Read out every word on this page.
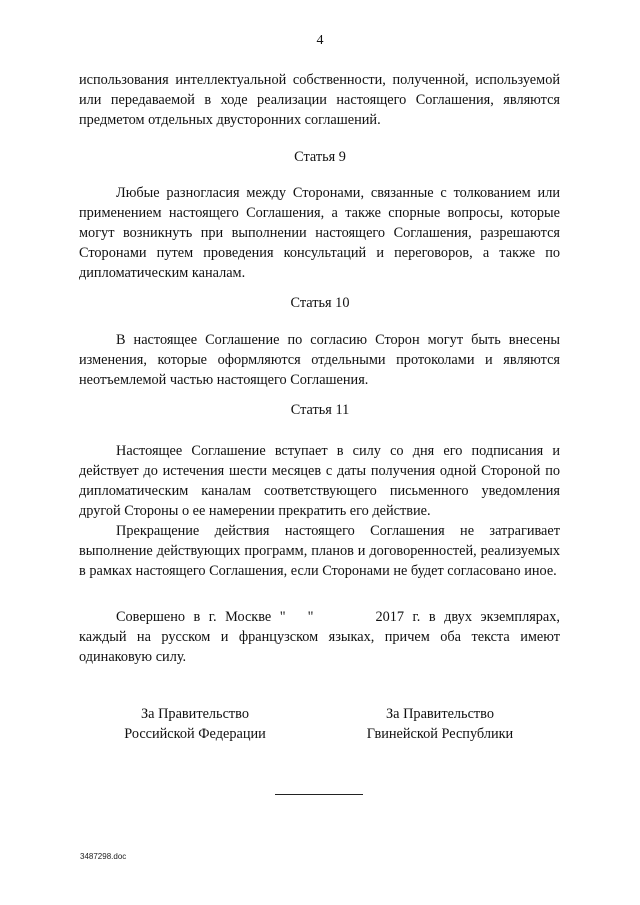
4

использования интеллектуальной собственности, полученной, используемой или передаваемой в ходе реализации настоящего Соглашения, являются предметом отдельных двусторонних соглашений.

Статья 9

Любые разногласия между Сторонами, связанные с толкованием или применением настоящего Соглашения, а также спорные вопросы, которые могут возникнуть при выполнении настоящего Соглашения, разрешаются Сторонами путем проведения консультаций и переговоров, а также по дипломатическим каналам.

Статья 10

В настоящее Соглашение по согласию Сторон могут быть внесены изменения, которые оформляются отдельными протоколами и являются неотъемлемой частью настоящего Соглашения.

Статья 11

Настоящее Соглашение вступает в силу со дня его подписания и действует до истечения шести месяцев с даты получения одной Стороной по дипломатическим каналам соответствующего письменного уведомления другой Стороны о ее намерении прекратить его действие.

Прекращение действия настоящего Соглашения не затрагивает выполнение действующих программ, планов и договоренностей, реализуемых в рамках настоящего Соглашения, если Сторонами не будет согласовано иное.

Совершено в г. Москве " "	2017 г. в двух экземплярах, каждый на русском и французском языках, причем оба текста имеют одинаковую силу.

За Правительство
Российской Федерации
За Правительство
Гвинейской Республики
3487298.doc
